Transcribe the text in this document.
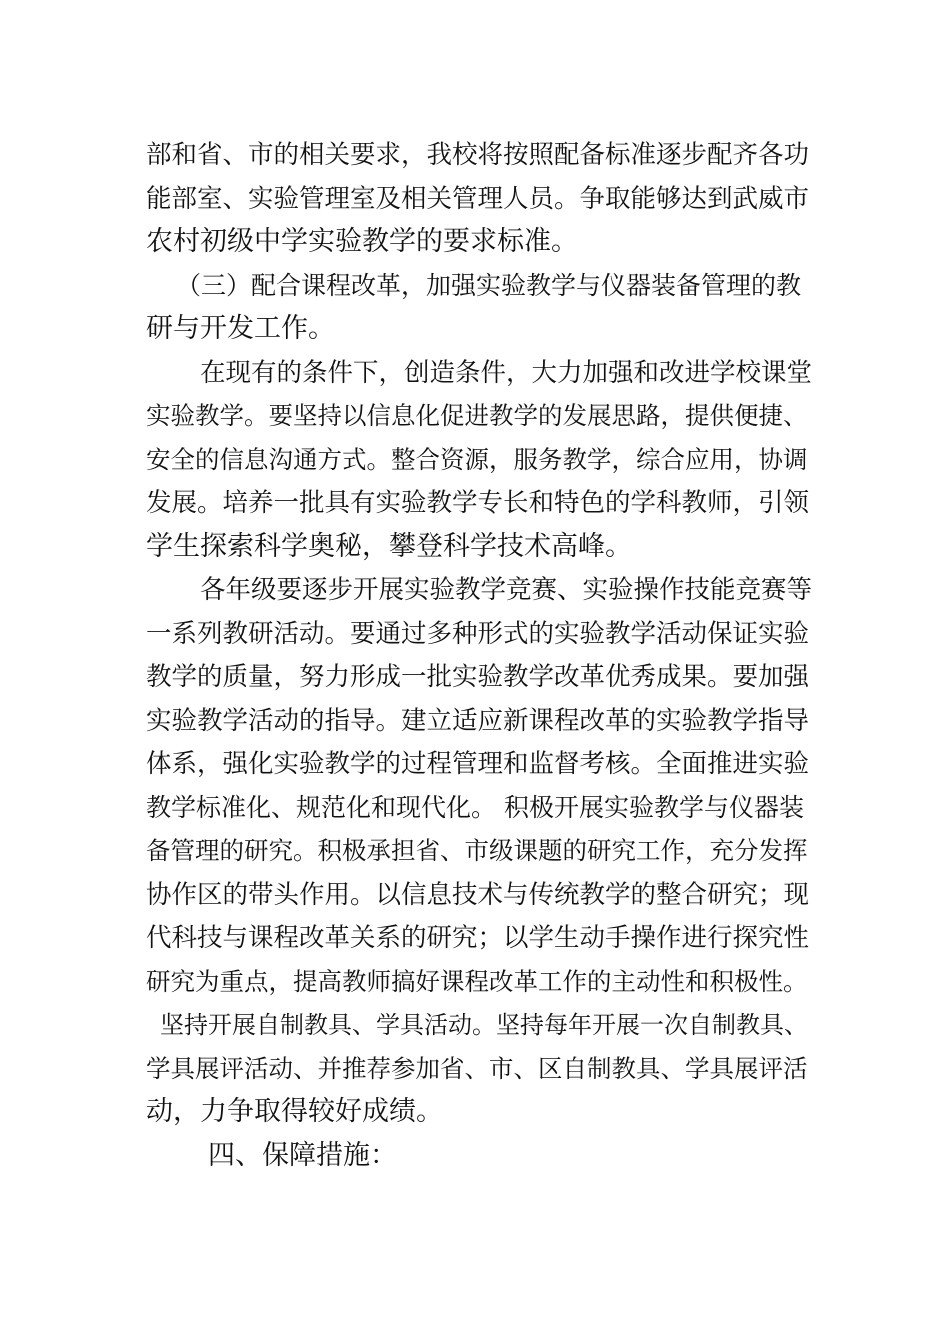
部和省、市的相关要求，我校将按照配备标准逐步配齐各功
能部室、实验管理室及相关管理人员。争取能够达到武威市
农村初级中学实验教学的要求标准。
（三）配合课程改革，加强实验教学与仪器装备管理的教
研与开发工作。
在现有的条件下，创造条件，大力加强和改进学校课堂
实验教学。要坚持以信息化促进教学的发展思路，提供便捷、
安全的信息沟通方式。整合资源，服务教学，综合应用，协调
发展。培养一批具有实验教学专长和特色的学科教师，引领
学生探索科学奥秘，攀登科学技术高峰。
各年级要逐步开展实验教学竞赛、实验操作技能竞赛等
一系列教研活动。要通过多种形式的实验教学活动保证实验
教学的质量，努力形成一批实验教学改革优秀成果。要加强
实验教学活动的指导。建立适应新课程改革的实验教学指导
体系，强化实验教学的过程管理和监督考核。全面推进实验
教学标准化、规范化和现代化。 积极开展实验教学与仪器装
备管理的研究。积极承担省、市级课题的研究工作，充分发挥
协作区的带头作用。以信息技术与传统教学的整合研究；现
代科技与课程改革关系的研究；以学生动手操作进行探究性
研究为重点，提高教师搞好课程改革工作的主动性和积极性。
坚持开展自制教具、学具活动。坚持每年开展一次自制教具、
学具展评活动、并推荐参加省、市、区自制教具、学具展评活
动，力争取得较好成绩。
四、保障措施：
